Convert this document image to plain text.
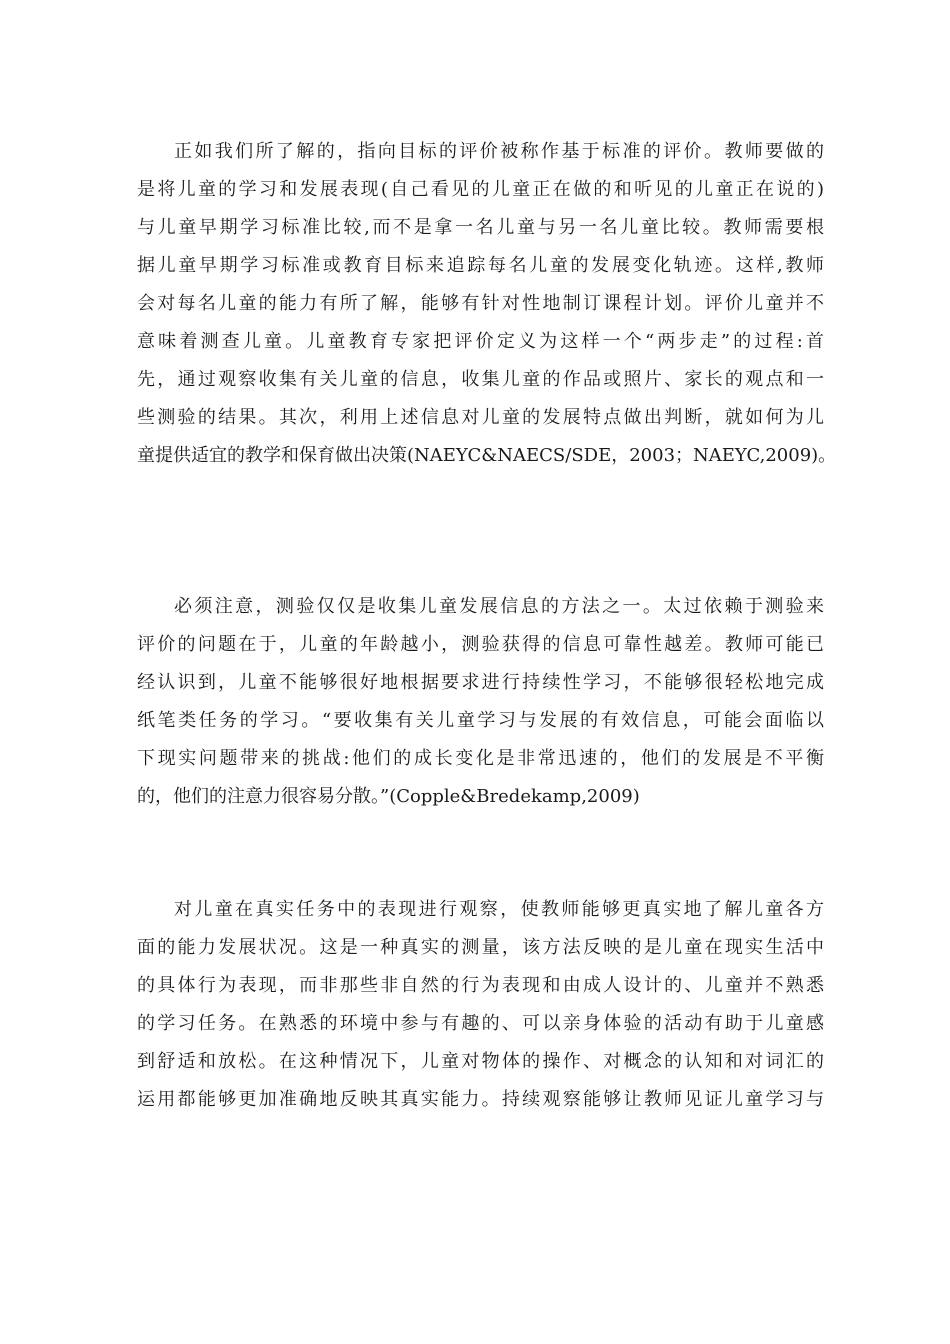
正如我们所了解的，指向目标的评价被称作基于标准的评价。教师要做的
是将儿童的学习和发展表现(自己看见的儿童正在做的和听见的儿童正在说的)
与儿童早期学习标准比较,而不是拿一名儿童与另一名儿童比较。教师需要根
据儿童早期学习标准或教育目标来追踪每名儿童的发展变化轨迹。这样,教师
会对每名儿童的能力有所了解，能够有针对性地制订课程计划。评价儿童并不
意味着测查儿童。儿童教育专家把评价定义为这样一个“两步走”的过程:首
先，通过观察收集有关儿童的信息，收集儿童的作品或照片、家长的观点和一
些测验的结果。其次，利用上述信息对儿童的发展特点做出判断，就如何为儿
童提供适宜的教学和保育做出决策(NAEYC&NAECS/SDE，2003；NAEYC,2009)。
必须注意，测验仅仅是收集儿童发展信息的方法之一。太过依赖于测验来
评价的问题在于，儿童的年龄越小，测验获得的信息可靠性越差。教师可能已
经认识到，儿童不能够很好地根据要求进行持续性学习，不能够很轻松地完成
纸笔类任务的学习。“要收集有关儿童学习与发展的有效信息，可能会面临以
下现实问题带来的挑战:他们的成长变化是非常迅速的，他们的发展是不平衡
的，他们的注意力很容易分散。”(Copple&Bredekamp,2009)
对儿童在真实任务中的表现进行观察，使教师能够更真实地了解儿童各方
面的能力发展状况。这是一种真实的测量，该方法反映的是儿童在现实生活中
的具体行为表现，而非那些非自然的行为表现和由成人设计的、儿童并不熟悉
的学习任务。在熟悉的环境中参与有趣的、可以亲身体验的活动有助于儿童感
到舒适和放松。在这种情况下，儿童对物体的操作、对概念的认知和对词汇的
运用都能够更加准确地反映其真实能力。持续观察能够让教师见证儿童学习与
